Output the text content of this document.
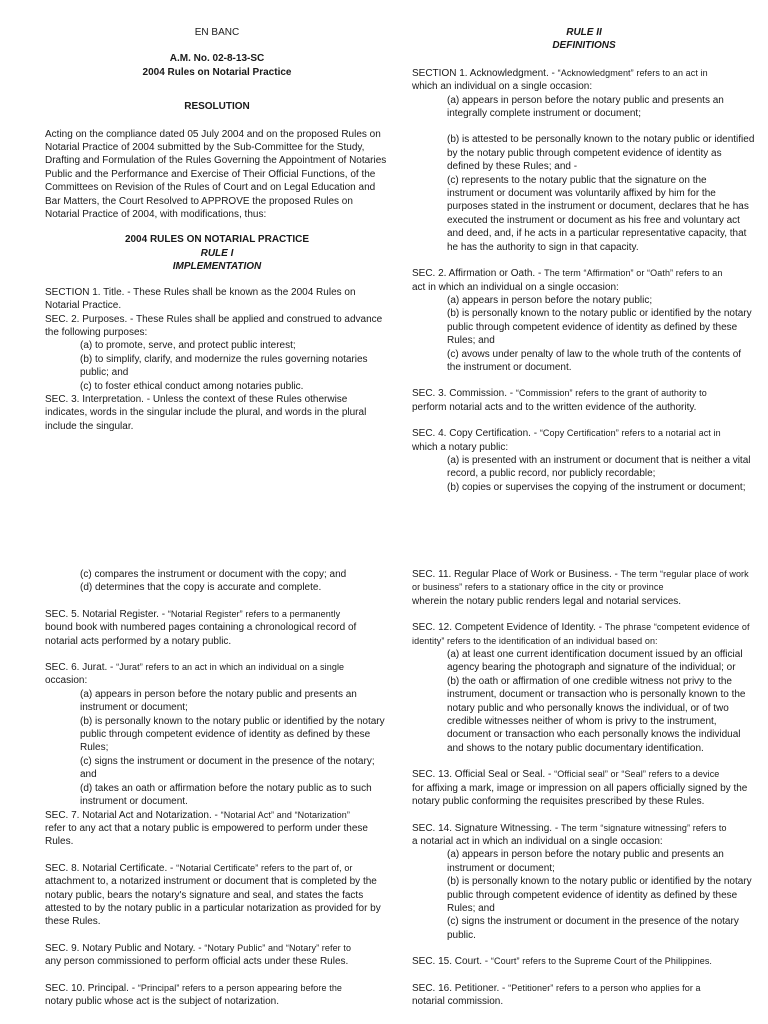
EN BANC

A.M. No. 02-8-13-SC

2004 Rules on Notarial Practice

RESOLUTION

Acting on the compliance dated 05 July 2004 and on the proposed Rules on Notarial Practice of 2004 submitted by the Sub-Committee for the Study, Drafting and Formulation of the Rules Governing the Appointment of Notaries Public and the Performance and Exercise of Their Official Functions, of the Committees on Revision of the Rules of Court and on Legal Education and Bar Matters, the Court Resolved to APPROVE the proposed Rules on Notarial Practice of 2004, with modifications, thus:

2004 RULES ON NOTARIAL PRACTICE

RULE I

IMPLEMENTATION

SECTION 1. Title. - These Rules shall be known as the 2004 Rules on Notarial Practice.

SEC. 2. Purposes. - These Rules shall be applied and construed to advance the following purposes:

(a) to promote, serve, and protect public interest;

(b) to simplify, clarify, and modernize the rules governing notaries public; and

(c) to foster ethical conduct among notaries public.

SEC. 3. Interpretation. - Unless the context of these Rules otherwise indicates, words in the singular include the plural, and words in the plural include the singular.

RULE II

DEFINITIONS

SECTION 1. Acknowledgment. - “Acknowledgment” refers to an act in
which an individual on a single occasion:

(a) appears in person before the notary public and presents an integrally complete instrument or document;

(b) is attested to be personally known to the notary public or identified by the notary public through competent evidence of identity as defined by these Rules; and -

(c) represents to the notary public that the signature on the instrument or document was voluntarily affixed by him for the purposes stated in the instrument or document, declares that he has executed the instrument or document as his free and voluntary act and deed, and, if he acts in a particular representative capacity, that he has the authority to sign in that capacity.

SEC. 2. Affirmation or Oath. - The term “Affirmation” or “Oath” refers to an
act in which an individual on a single occasion:

(a) appears in person before the notary public;

(b) is personally known to the notary public or identified by the notary public through competent evidence of identity as defined by these Rules; and

(c) avows under penalty of law to the whole truth of the contents of the instrument or document.

SEC. 3. Commission. - “Commission” refers to the grant of authority to
perform notarial acts and to the written evidence of the authority.

SEC. 4. Copy Certification. - “Copy Certification” refers to a notarial act in
which a notary public:

(a) is presented with an instrument or document that is neither a vital record, a public record, nor publicly recordable;

(b) copies or supervises the copying of the instrument or document;

(c) compares the instrument or document with the copy; and

(d) determines that the copy is accurate and complete.

SEC. 5. Notarial Register. - “Notarial Register” refers to a permanently
bound book with numbered pages containing a chronological record of notarial acts performed by a notary public.

SEC. 6. Jurat. - “Jurat” refers to an act in which an individual on a single
occasion:

(a) appears in person before the notary public and presents an instrument or document;

(b) is personally known to the notary public or identified by the notary public through competent evidence of identity as defined by these Rules;

(c) signs the instrument or document in the presence of the notary; and

(d) takes an oath or affirmation before the notary public as to such instrument or document.

SEC. 7. Notarial Act and Notarization. - “Notarial Act” and “Notarization”
refer to any act that a notary public is empowered to perform under these Rules.

SEC. 8. Notarial Certificate. - “Notarial Certificate” refers to the part of, or
attachment to, a notarized instrument or document that is completed by the notary public, bears the notary's signature and seal, and states the facts attested to by the notary public in a particular notarization as provided for by these Rules.

SEC. 9. Notary Public and Notary. - “Notary Public” and “Notary” refer to
any person commissioned to perform official acts under these Rules.

SEC. 10. Principal. - “Principal” refers to a person appearing before the
notary public whose act is the subject of notarization.

SEC. 11. Regular Place of Work or Business. - The term “regular place of work or business” refers to a stationary office in the city or province
wherein the notary public renders legal and notarial services.

SEC. 12. Competent Evidence of Identity. - The phrase “competent evidence of identity” refers to the identification of an individual based on:

(a) at least one current identification document issued by an official agency bearing the photograph and signature of the individual; or

(b) the oath or affirmation of one credible witness not privy to the instrument, document or transaction who is personally known to the notary public and who personally knows the individual, or of two credible witnesses neither of whom is privy to the instrument, document or transaction who each personally knows the individual and shows to the notary public documentary identification.

SEC. 13. Official Seal or Seal. - “Official seal” or “Seal” refers to a device
for affixing a mark, image or impression on all papers officially signed by the notary public conforming the requisites prescribed by these Rules.

SEC. 14. Signature Witnessing. - The term “signature witnessing” refers to
a notarial act in which an individual on a single occasion:

(a) appears in person before the notary public and presents an instrument or document;

(b) is personally known to the notary public or identified by the notary public through competent evidence of identity as defined by these Rules; and

(c) signs the instrument or document in the presence of the notary public.

SEC. 15. Court. - “Court” refers to the Supreme Court of the Philippines.

SEC. 16. Petitioner. - “Petitioner” refers to a person who applies for a
notarial commission.
